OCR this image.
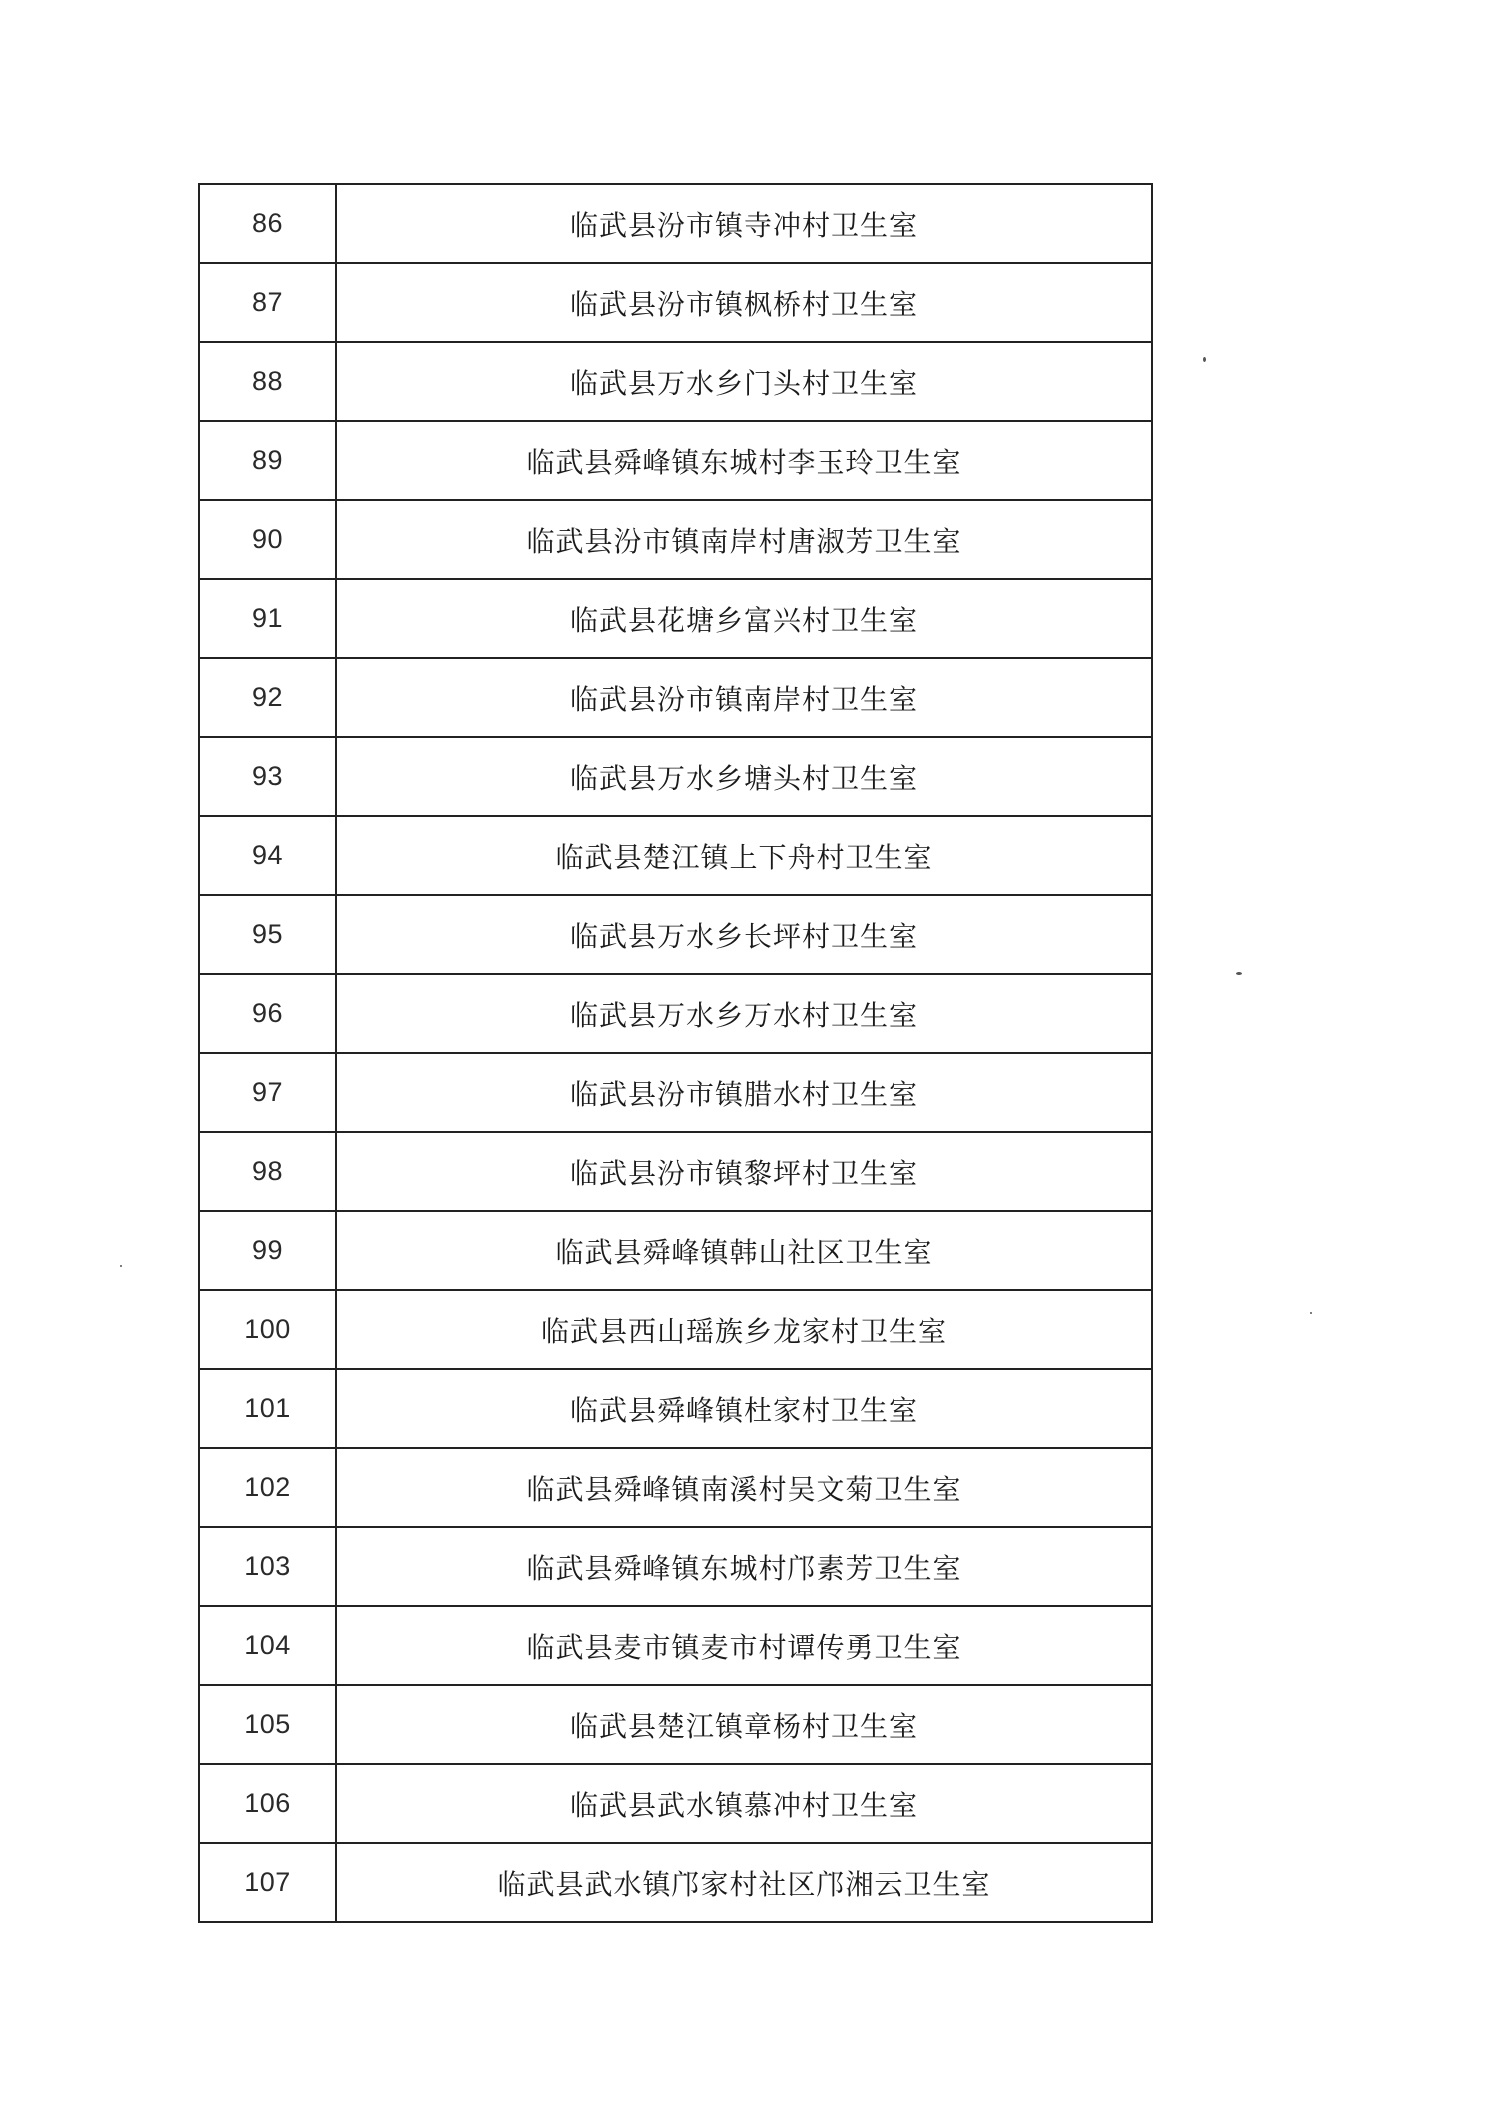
86	临武县汾市镇寺冲村卫生室
87	临武县汾市镇枫桥村卫生室
88	临武县万水乡门头村卫生室
89	临武县舜峰镇东城村李玉玲卫生室
90	临武县汾市镇南岸村唐淑芳卫生室
91	临武县花塘乡富兴村卫生室
92	临武县汾市镇南岸村卫生室
93	临武县万水乡塘头村卫生室
94	临武县楚江镇上下舟村卫生室
95	临武县万水乡长坪村卫生室
96	临武县万水乡万水村卫生室
97	临武县汾市镇腊水村卫生室
98	临武县汾市镇黎坪村卫生室
99	临武县舜峰镇韩山社区卫生室
100	临武县西山瑶族乡龙家村卫生室
101	临武县舜峰镇杜家村卫生室
102	临武县舜峰镇南溪村吴文菊卫生室
103	临武县舜峰镇东城村邝素芳卫生室
104	临武县麦市镇麦市村谭传勇卫生室
105	临武县楚江镇章杨村卫生室
106	临武县武水镇慕冲村卫生室
107	临武县武水镇邝家村社区邝湘云卫生室
